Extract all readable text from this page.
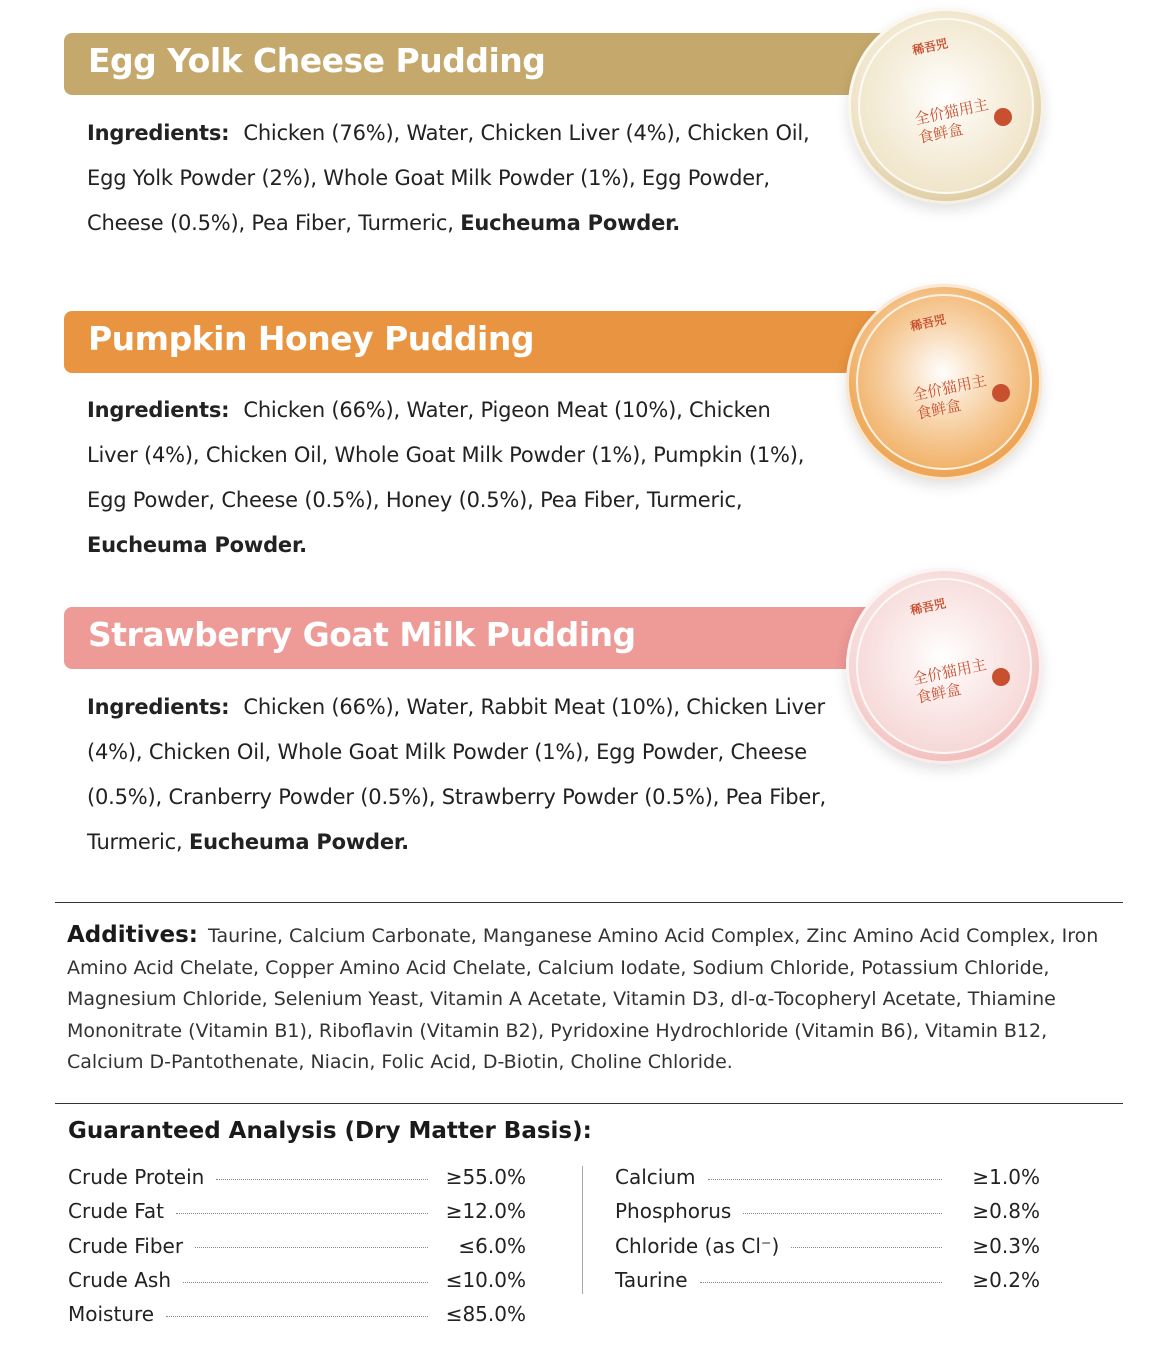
Egg Yolk Cheese Pudding	稀吾兕
全价猫用主食鲜盒
Ingredients: Chicken (76%), Water, Chicken Liver (4%), Chicken Oil, Egg Yolk Powder (2%), Whole Goat Milk Powder (1%), Egg Powder, Cheese (0.5%), Pea Fiber, Turmeric, Eucheuma Powder.
Pumpkin Honey Pudding	稀吾兕
全价猫用主食鲜盒
Ingredients: Chicken (66%), Water, Pigeon Meat (10%), Chicken Liver (4%), Chicken Oil, Whole Goat Milk Powder (1%), Pumpkin (1%), Egg Powder, Cheese (0.5%), Honey (0.5%), Pea Fiber, Turmeric, Eucheuma Powder.
Strawberry Goat Milk Pudding
稀吾兕
全价猫用主食鲜盒
Ingredients: Chicken (66%), Water, Rabbit Meat (10%), Chicken Liver (4%), Chicken Oil, Whole Goat Milk Powder (1%), Egg Powder, Cheese (0.5%), Cranberry Powder (0.5%), Strawberry Powder (0.5%), Pea Fiber, Turmeric, Eucheuma Powder.
Additives: Taurine, Calcium Carbonate, Manganese Amino Acid Complex, Zinc Amino Acid Complex, Iron Amino Acid Chelate, Copper Amino Acid Chelate, Calcium Iodate, Sodium Chloride, Potassium Chloride, Magnesium Chloride, Selenium Yeast, Vitamin A Acetate, Vitamin D3, dl-α-Tocopheryl Acetate, Thiamine Mononitrate (Vitamin B1), Riboflavin (Vitamin B2), Pyridoxine Hydrochloride (Vitamin B6), Vitamin B12, Calcium D-Pantothenate, Niacin, Folic Acid, D-Biotin, Choline Chloride.
Guaranteed Analysis (Dry Matter Basis):
Crude Protein	≥55.0%
Crude Fat	≥12.0%
Crude Fiber	≤6.0%
Crude Ash	≤10.0%
Moisture	≤85.0%
Calcium	≥1.0%
Phosphorus	≥0.8%
Chloride (as Cl⁻)	≥0.3%
Taurine	≥0.2%
